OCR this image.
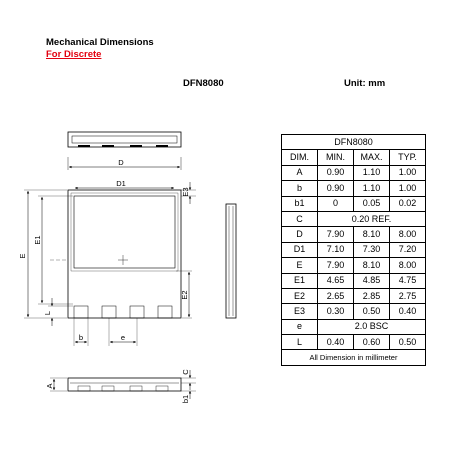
Mechanical Dimensions
For Discrete
DFN8080	Unit: mm
D
D1
E3
E
E1
L
E2
b	e
A
C
b1
DFN8080			
DIM.	MIN.	MAX.	TYP.
A	0.90	1.10	1.00
b	0.90	1.10	1.00
b1	0	0.05	0.02
C	0.20 REF.		
D	7.90	8.10	8.00
D1	7.10	7.30	7.20
E	7.90	8.10	8.00
E1	4.65	4.85	4.75
E2	2.65	2.85	2.75
E3	0.30	0.50	0.40
e	2.0 BSC		
L	0.40	0.60	0.50
All Dimension in millimeter			
